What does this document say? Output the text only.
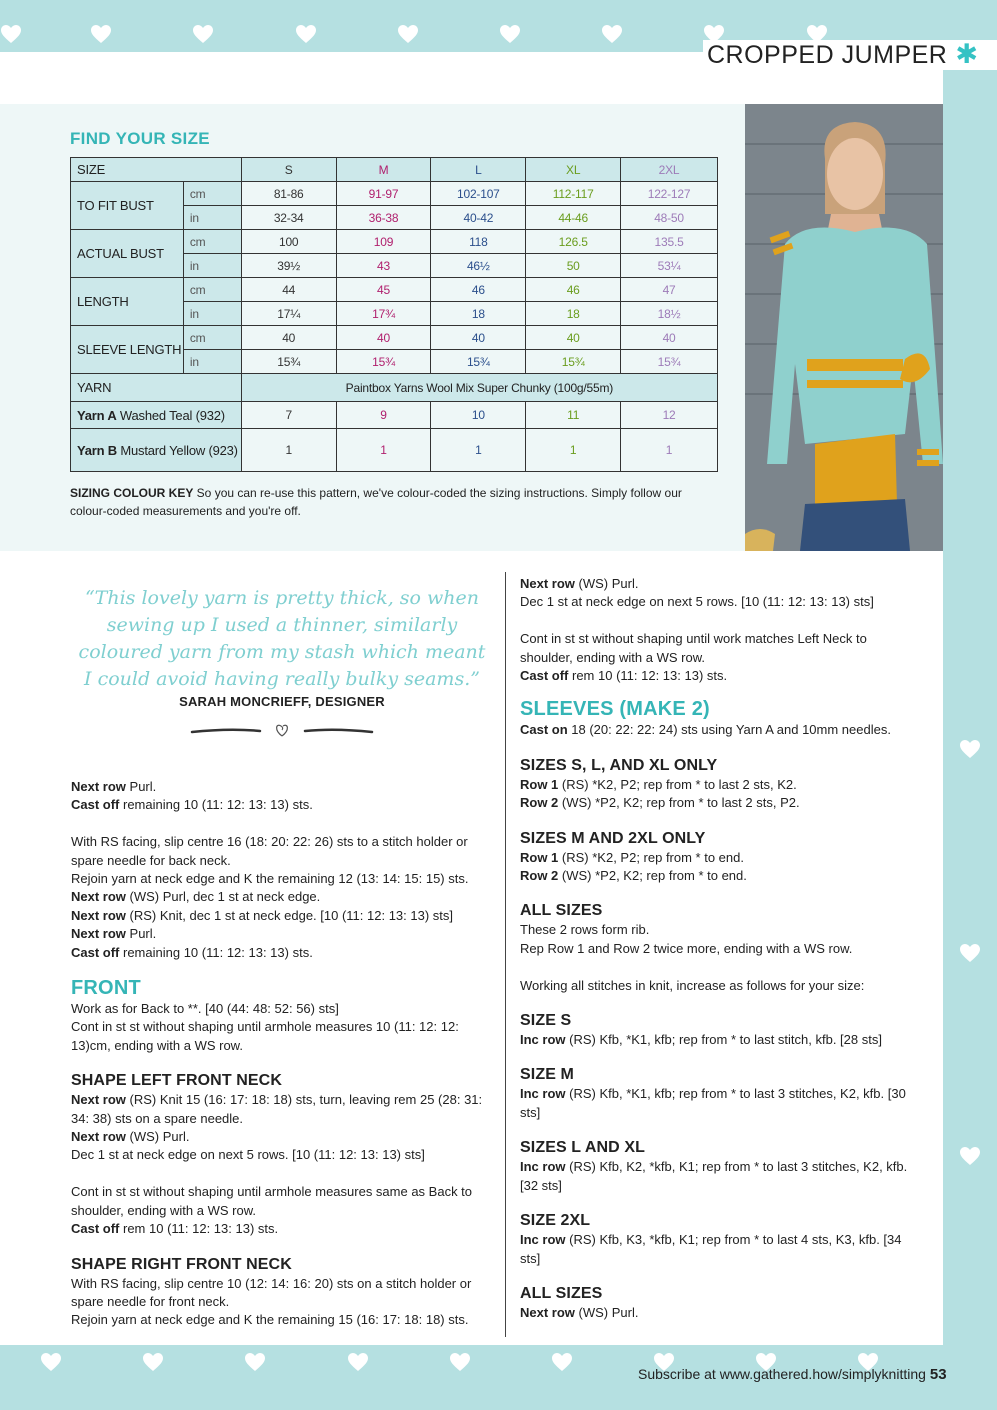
CROPPED JUMPER ✱
FIND YOUR SIZE
SIZE		S	M	L	XL	2XL
TO FIT BUST	cm	81-86	91-97	102-107	112-117	122-127
	in	32-34	36-38	40-42	44-46	48-50
ACTUAL BUST	cm	100	109	118	126.5	135.5
	in	39½	43	46½	50	53¼
LENGTH	cm	44	45	46	46	47
	in	17¼	17¾	18	18	18½
SLEEVE LENGTH	cm	40	40	40	40	40
	in	15¾	15¾	15¾	15¾	15¾
YARN		Paintbox Yarns Wool Mix Super Chunky (100g/55m)				
Yarn A Washed Teal (932)		7	9	10	11	12
Yarn B Mustard Yellow (923)		1	1	1	1	1
SIZING COLOUR KEY So you can re-use this pattern, we've colour-coded the sizing instructions. Simply follow our colour-coded measurements and you're off.
“This lovely yarn is pretty thick, so when sewing up I used a thinner, similarly coloured yarn from my stash which meant I could avoid having really bulky seams.”
SARAH MONCRIEFF, DESIGNER

Next row Purl.

Cast off remaining 10 (11: 12: 13: 13) sts.

With RS facing, slip centre 16 (18: 20: 22: 26) sts to a stitch holder or spare needle for back neck.

Rejoin yarn at neck edge and K the remaining 12 (13: 14: 15: 15) sts.

Next row (WS) Purl, dec 1 st at neck edge.

Next row (RS) Knit, dec 1 st at neck edge. [10 (11: 12: 13: 13) sts]

Next row Purl.

Cast off remaining 10 (11: 12: 13: 13) sts.

FRONT

Work as for Back to **. [40 (44: 48: 52: 56) sts]

Cont in st st without shaping until armhole measures 10 (11: 12: 12: 13)cm, ending with a WS row.

SHAPE LEFT FRONT NECK

Next row (RS) Knit 15 (16: 17: 18: 18) sts, turn, leaving rem 25 (28: 31: 34: 38) sts on a spare needle.

Next row (WS) Purl.

Dec 1 st at neck edge on next 5 rows. [10 (11: 12: 13: 13) sts]

Cont in st st without shaping until armhole measures same as Back to shoulder, ending with a WS row.

Cast off rem 10 (11: 12: 13: 13) sts.

SHAPE RIGHT FRONT NECK

With RS facing, slip centre 10 (12: 14: 16: 20) sts on a stitch holder or spare needle for front neck.

Rejoin yarn at neck edge and K the remaining 15 (16: 17: 18: 18) sts.

Next row (WS) Purl.

Dec 1 st at neck edge on next 5 rows. [10 (11: 12: 13: 13) sts]

Cont in st st without shaping until work matches Left Neck to shoulder, ending with a WS row.

Cast off rem 10 (11: 12: 13: 13) sts.

SLEEVES (MAKE 2)

Cast on 18 (20: 22: 22: 24) sts using Yarn A and 10mm needles.

SIZES S, L, AND XL ONLY

Row 1 (RS) *K2, P2; rep from * to last 2 sts, K2.

Row 2 (WS) *P2, K2; rep from * to last 2 sts, P2.

SIZES M AND 2XL ONLY

Row 1 (RS) *K2, P2; rep from * to end.

Row 2 (WS) *P2, K2; rep from * to end.

ALL SIZES

These 2 rows form rib.

Rep Row 1 and Row 2 twice more, ending with a WS row.

Working all stitches in knit, increase as follows for your size:

SIZE S

Inc row (RS) Kfb, *K1, kfb; rep from * to last stitch, kfb. [28 sts]

SIZE M

Inc row (RS) Kfb, *K1, kfb; rep from * to last 3 stitches, K2, kfb. [30 sts]

SIZES L AND XL

Inc row (RS) Kfb, K2, *kfb, K1; rep from * to last 3 stitches, K2, kfb. [32 sts]

SIZE 2XL

Inc row (RS) Kfb, K3, *kfb, K1; rep from * to last 4 sts, K3, kfb. [34 sts]

ALL SIZES

Next row (WS) Purl.

Subscribe at www.gathered.how/simplyknitting 53
